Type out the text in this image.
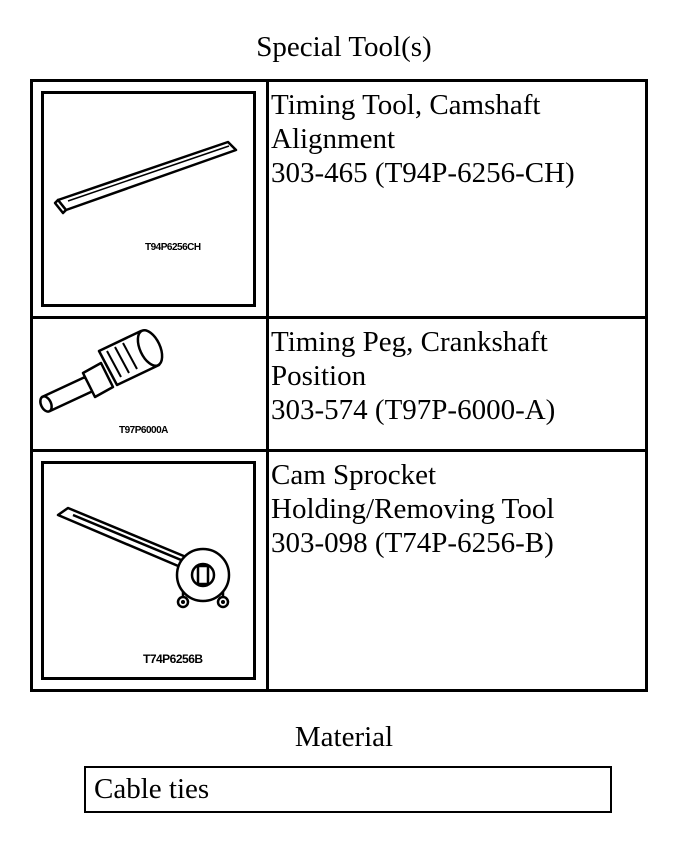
Special Tool(s)
T94P6256CH
Timing Tool, Camshaft
Alignment
303-465 (T94P-6256-CH)
T97P6000A
Timing Peg, Crankshaft
Position
303-574 (T97P-6000-A)
T74P6256B
Cam Sprocket
Holding/Removing Tool
303-098 (T74P-6256-B)
Material
Cable ties
